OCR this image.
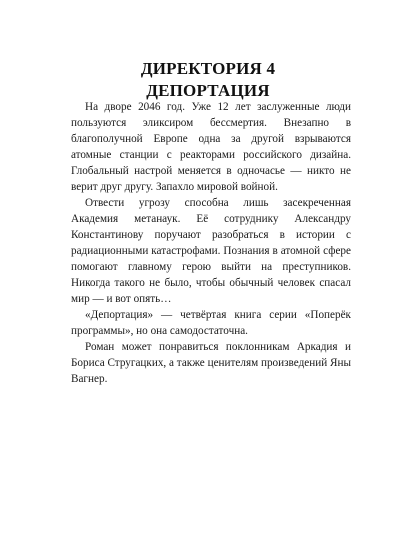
ДИРЕКТОРИЯ 4
ДЕПОРТАЦИЯ

На дворе 2046 год. Уже 12 лет заслуженные люди пользуются эликсиром бессмертия. Внезапно в благополучной Европе одна за другой взрываются атомные станции с реакторами российского дизайна. Глобальный настрой меняется в одночасье — никто не верит друг другу. Запахло мировой войной.

Отвести угрозу способна лишь засекреченная Академия метанаук. Её сотруднику Александру Константинову поручают разобраться в истории с радиационными катастрофами. Познания в атомной сфере помогают главному герою выйти на преступников. Никогда такого не было, чтобы обычный человек спасал мир — и вот опять…

«Депортация» — четвёртая книга серии «Поперёк программы», но она самодостаточна.

Роман может понравиться поклонникам Аркадия и Бориса Стругацких, а также ценителям произведений Яны Вагнер.
